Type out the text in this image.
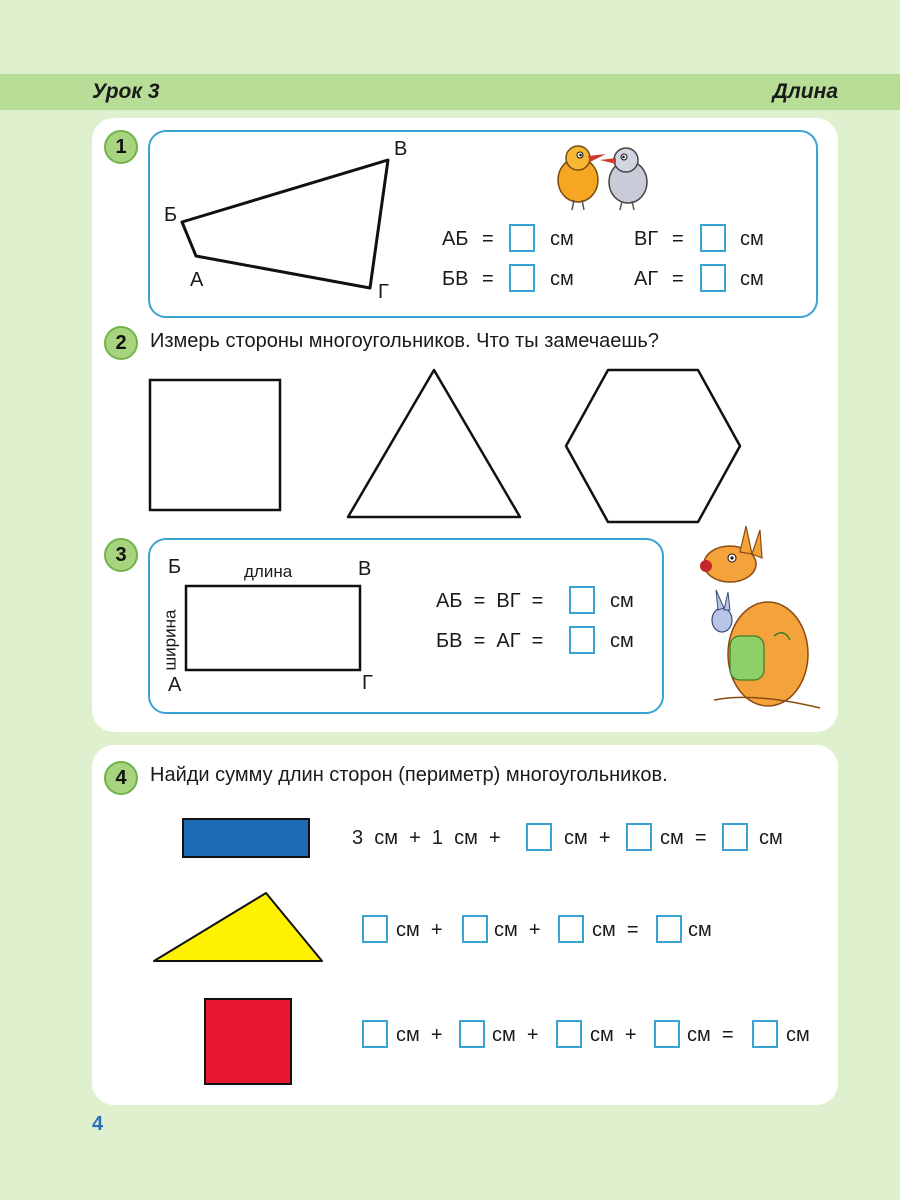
Урок 3	Длина
1
Б
В
А
Г
АБ =	см	ВГ =	см
БВ =	см	АГ =	см
2	Измерь стороны многоугольников. Что ты замечаешь?
3
Б	В
А	Г
длина
ширина
АБ  =  ВГ  =	см
БВ  =  АГ  =	см
4	Найди сумму длин сторон (периметр) многоугольников.
3  см  +  1  см  +	см  + см  =	см
см  +	см  +	см  = см
см  + см  +	см  +	см  =	см
4
